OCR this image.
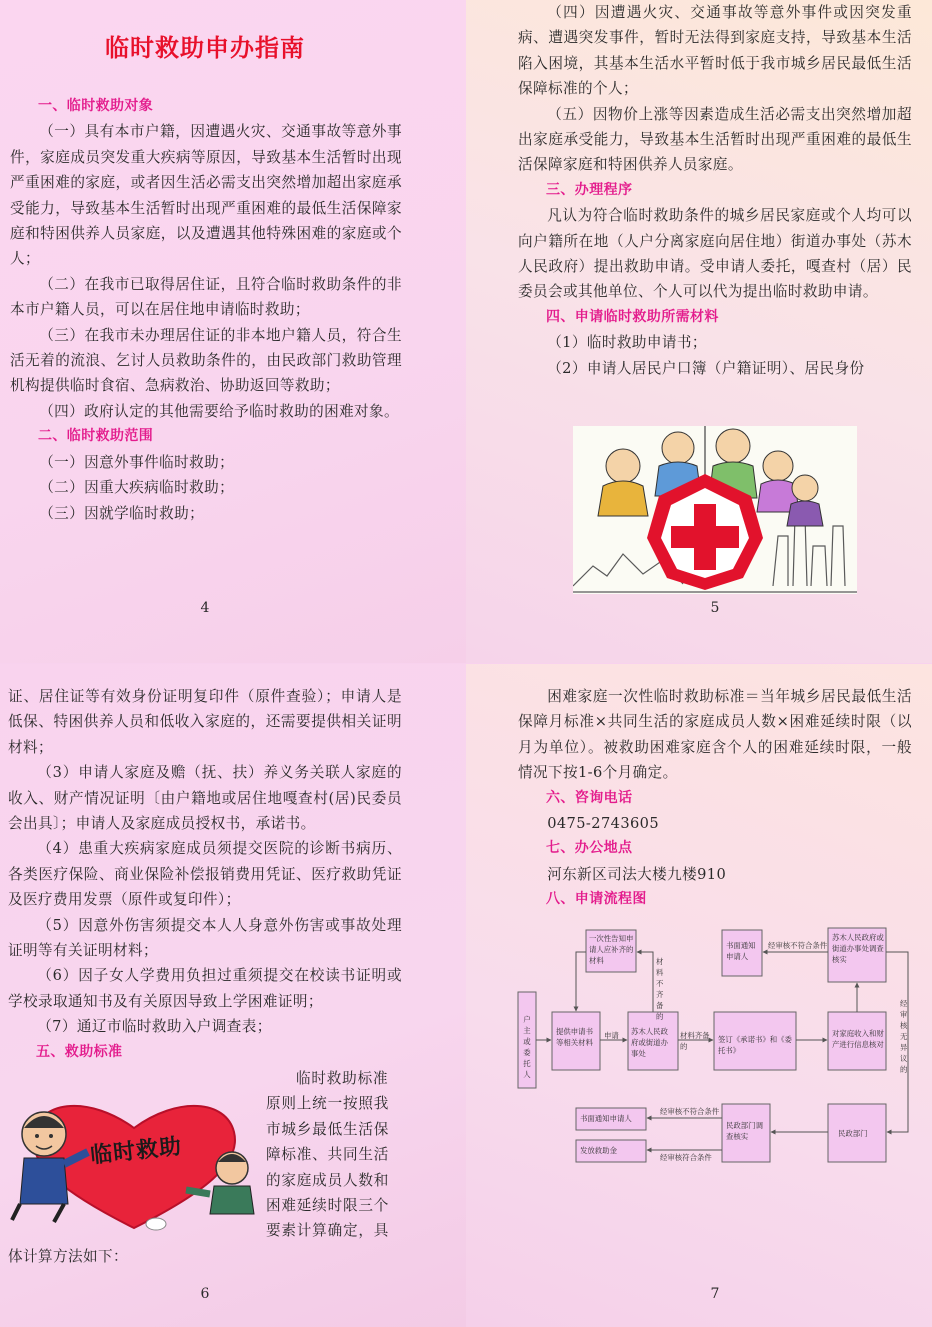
临时救助申办指南

一、临时救助对象

（一）具有本市户籍，因遭遇火灾、交通事故等意外事件，家庭成员突发重大疾病等原因，导致基本生活暂时出现严重困难的家庭，或者因生活必需支出突然增加超出家庭承受能力，导致基本生活暂时出现严重困难的最低生活保障家庭和特困供养人员家庭，以及遭遇其他特殊困难的家庭或个人；

（二）在我市已取得居住证，且符合临时救助条件的非本市户籍人员，可以在居住地申请临时救助；

（三）在我市未办理居住证的非本地户籍人员，符合生活无着的流浪、乞讨人员救助条件的，由民政部门救助管理机构提供临时食宿、急病救治、协助返回等救助；

（四）政府认定的其他需要给予临时救助的困难对象。

二、临时救助范围

（一）因意外事件临时救助；

（二）因重大疾病临时救助；

（三）因就学临时救助；

4

（四）因遭遇火灾、交通事故等意外事件或因突发重病、遭遇突发事件，暂时无法得到家庭支持，导致基本生活陷入困境，其基本生活水平暂时低于我市城乡居民最低生活保障标准的个人；

（五）因物价上涨等因素造成生活必需支出突然增加超出家庭承受能力，导致基本生活暂时出现严重困难的最低生活保障家庭和特困供养人员家庭。

三、办理程序

凡认为符合临时救助条件的城乡居民家庭或个人均可以向户籍所在地（人户分离家庭向居住地）街道办事处（苏木人民政府）提出救助申请。受申请人委托，嘎查村（居）民委员会或其他单位、个人可以代为提出临时救助申请。

四、申请临时救助所需材料

（1）临时救助申请书；

（2）申请人居民户口簿（户籍证明）、居民身份

5

证、居住证等有效身份证明复印件（原件查验）；申请人是低保、特困供养人员和低收入家庭的，还需要提供相关证明材料；

（3）申请人家庭及赡（抚、扶）养义务关联人家庭的收入、财产情况证明〔由户籍地或居住地嘎查村(居)民委员会出具〕；申请人及家庭成员授权书，承诺书。

（4）患重大疾病家庭成员须提交医院的诊断书病历、各类医疗保险、商业保险补偿报销费用凭证、医疗救助凭证及医疗费用发票（原件或复印件）；

（5）因意外伤害须提交本人人身意外伤害或事故处理证明等有关证明材料；

（6）因子女人学费用负担过重须提交在校读书证明或学校录取通知书及有关原因导致上学困难证明；

（7）通辽市临时救助入户调查表；

五、救助标准

临时救助标准
原则上统一按照我
市城乡最低生活保
障标准、共同生活
的家庭成员人数和
困难延续时限三个
要素计算确定，具

体计算方法如下：

临时救助
6

困难家庭一次性临时救助标准＝当年城乡居民最低生活保障月标准×共同生活的家庭成员人数×困难延续时限（以月为单位）。被救助困难家庭含个人的困难延续时限，一般情况下按1-6个月确定。

六、咨询电话

0475-2743605

七、办公地点

河东新区司法大楼九楼910

八、申请流程图

户主或委托人
一次性告知申请人应补齐的材料
提供申请书等相关材料
苏木人民政府或街道办事处
签订《承诺书》和《委托书》
书面通知申请人
苏木人民政府或街道办事处调查核实
对家庭收入和财产进行信息核对
民政部门
民政部门调查核实
书面通知申请人
发放救助金
材料不齐备的
申请	材料齐备的
经审核不符合条件
经审核无异议的
经审核不符合条件
经审核符合条件
7
